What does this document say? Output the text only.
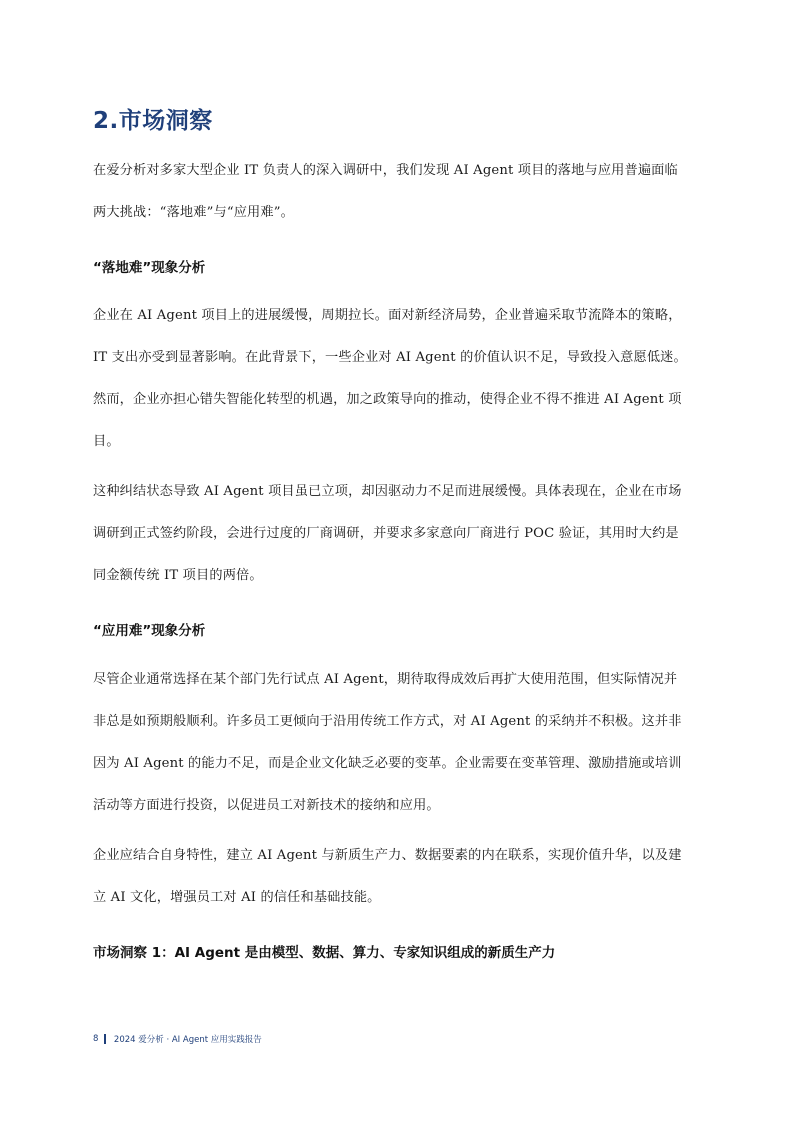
2.市场洞察

在爱分析对多家大型企业 IT 负责人的深入调研中，我们发现 AI Agent 项目的落地与应用普遍面临
两大挑战：“落地难”与“应用难”。

“落地难”现象分析

企业在 AI Agent 项目上的进展缓慢，周期拉长。面对新经济局势，企业普遍采取节流降本的策略，
IT 支出亦受到显著影响。在此背景下，一些企业对 AI Agent 的价值认识不足，导致投入意愿低迷。
然而，企业亦担心错失智能化转型的机遇，加之政策导向的推动，使得企业不得不推进 AI Agent 项
目。

这种纠结状态导致 AI Agent 项目虽已立项，却因驱动力不足而进展缓慢。具体表现在，企业在市场
调研到正式签约阶段，会进行过度的厂商调研，并要求多家意向厂商进行 POC 验证，其用时大约是
同金额传统 IT 项目的两倍。

“应用难”现象分析

尽管企业通常选择在某个部门先行试点 AI Agent，期待取得成效后再扩大使用范围，但实际情况并
非总是如预期般顺利。许多员工更倾向于沿用传统工作方式，对 AI Agent 的采纳并不积极。这并非
因为 AI Agent 的能力不足，而是企业文化缺乏必要的变革。企业需要在变革管理、激励措施或培训
活动等方面进行投资，以促进员工对新技术的接纳和应用。

企业应结合自身特性，建立 AI Agent 与新质生产力、数据要素的内在联系，实现价值升华，以及建
立 AI 文化，增强员工对 AI 的信任和基础技能。

市场洞察 1：AI Agent 是由模型、数据、算力、专家知识组成的新质生产力
8 2024 爱分析 · AI Agent 应用实践报告
